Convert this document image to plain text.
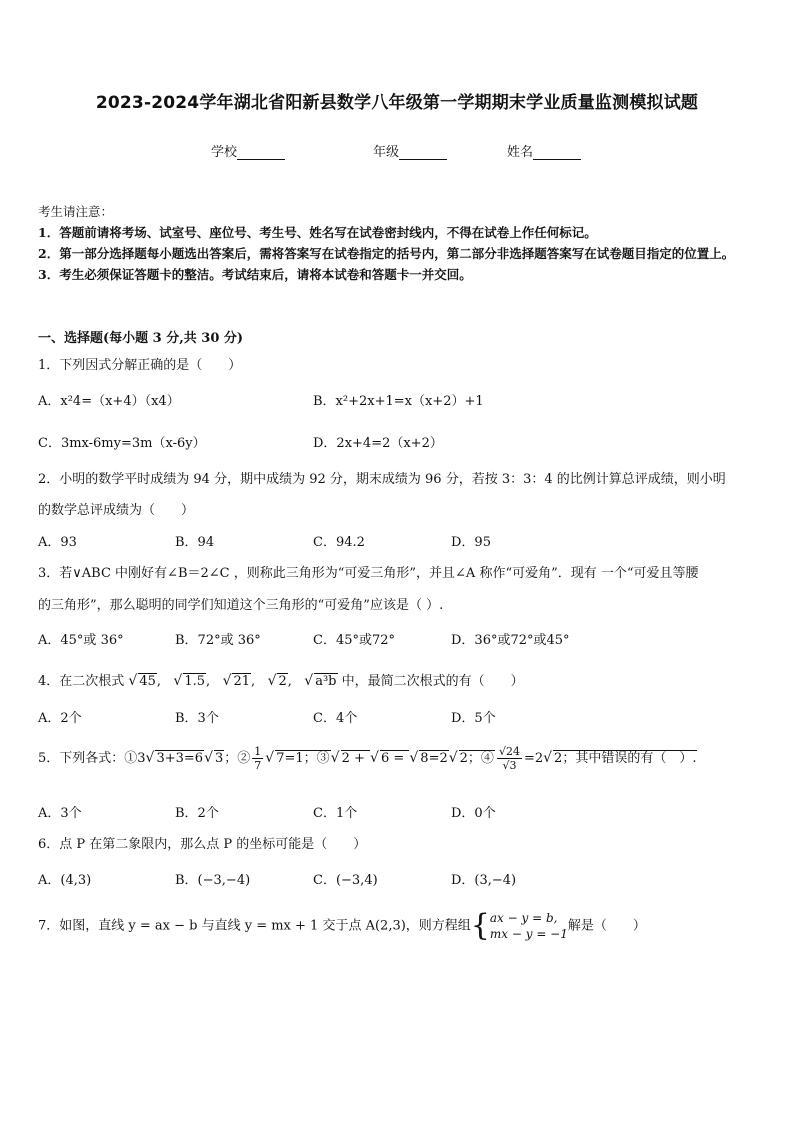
2023-2024学年湖北省阳新县数学八年级第一学期期末学业质量监测模拟试题
学校	年级	姓名
考生请注意：
1．答题前请将考场、试室号、座位号、考生号、姓名写在试卷密封线内，不得在试卷上作任何标记。
2．第一部分选择题每小题选出答案后，需将答案写在试卷指定的括号内，第二部分非选择题答案写在试卷题目指定的位置上。
3．考生必须保证答题卡的整洁。考试结束后，请将本试卷和答题卡一并交回。
一、选择题(每小题 3 分,共 30 分)
1．下列因式分解正确的是（　　）
A．x²4=（x+4）（x4）	B．x²+2x+1=x（x+2）+1
C．3mx-6my=3m（x-6y）	D．2x+4=2（x+2）
2．小明的数学平时成绩为 94 分，期中成绩为 92 分，期末成绩为 96 分，若按 3：3：4 的比例计算总评成绩，则小明
的数学总评成绩为（　　）
A．93	B．94	C．94.2	D．95
3．若∨ABC 中刚好有∠B＝2∠C ，则称此三角形为“可爱三角形”，并且∠A 称作“可爱角”．现有 一个“可爱且等腰
的三角形”，那么聪明的同学们知道这个三角形的“可爱角”应该是（ ）.
A．45°或 36°	B．72°或 36°	C．45°或72°	D．36°或72°或45°
4．在二次根式 √ 45,   √ 1.5,   √ 21,   √ 2,   √ a³b 中，最简二次根式的有（　　）
A．2个	B．3个	C．4个	D．5个
5．下列各式：①3√ 3+3=6√ 3；② $\frac{1}{7}$ √ 7=1；③√ 2 + √ 6 = √ 8=2√ 2；④ $\frac{√24}{√3} =2√$ 2；其中错误的有（　）.
A．3个	B．2个	C．1个	D．0个
6．点 P 在第二象限内，那么点 P 的坐标可能是（　　）
A．(4,3)	B．(−3,−4)	C．(−3,4)	D．(3,−4)
7．如图，直线 y = ax − b 与直线 y = mx + 1 交于点 A(2,3)，则方程组{ ax − y = b,
mx − y = −1
解是（　　）
